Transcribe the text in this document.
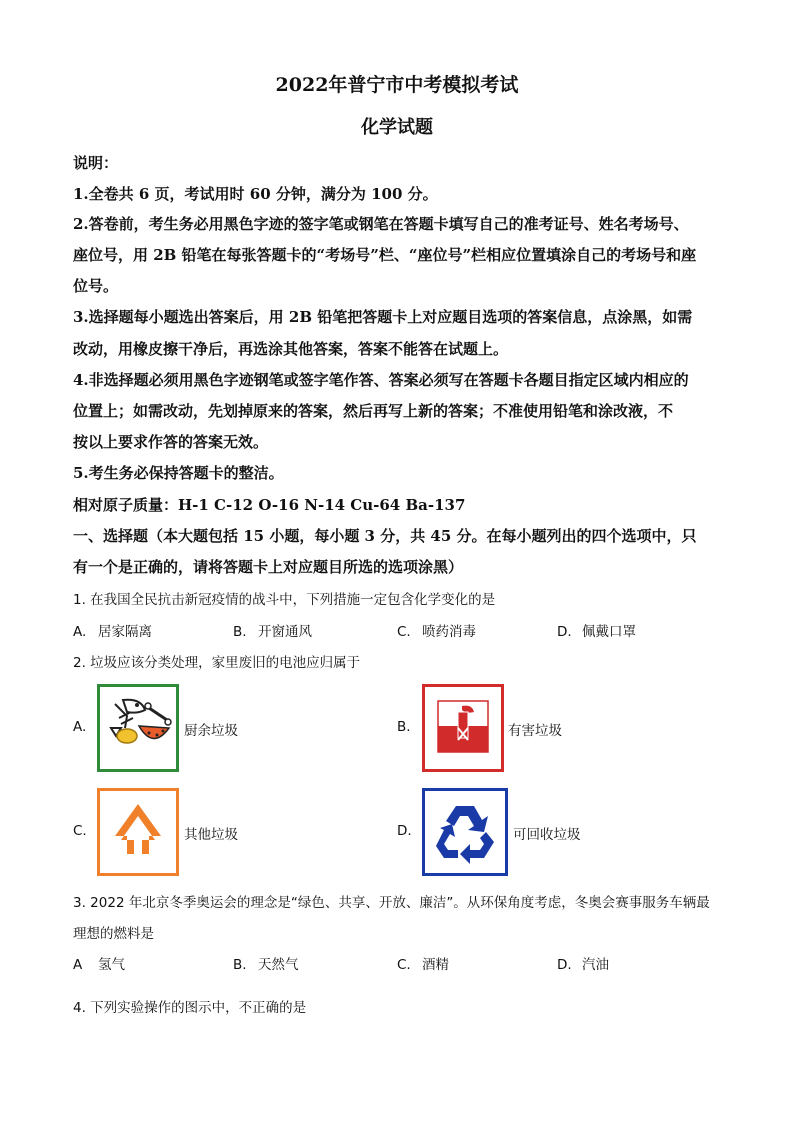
2022年普宁市中考模拟考试
化学试题
说明：
1.全卷共 6 页，考试用时 60 分钟，满分为 100 分。
2.答卷前，考生务必用黑色字迹的签字笔或钢笔在答题卡填写自己的准考证号、姓名考场号、
座位号，用 2B 铅笔在每张答题卡的“考场号”栏、“座位号”栏相应位置填涂自己的考场号和座
位号。
3.选择题每小题选出答案后，用 2B 铅笔把答题卡上对应题目选项的答案信息，点涂黑，如需
改动，用橡皮擦干净后，再选涂其他答案，答案不能答在试题上。
4.非选择题必须用黑色字迹钢笔或签字笔作答、答案必须写在答题卡各题目指定区域内相应的
位置上；如需改动，先划掉原来的答案，然后再写上新的答案；不准使用铅笔和涂改液，不
按以上要求作答的答案无效。
5.考生务必保持答题卡的整洁。
相对原子质量：H-1 C-12 O-16 N-14 Cu-64 Ba-137
一、选择题（本大题包括 15 小题，每小题 3 分，共 45 分。在每小题列出的四个选项中，只
有一个是正确的，请将答题卡上对应题目所选的选项涂黑）
1. 在我国全民抗击新冠疫情的战斗中，下列措施一定包含化学变化的是
A. 居家隔离	B. 开窗通风	C. 喷药消毒	D. 佩戴口罩
2. 垃圾应该分类处理，家里废旧的电池应归属于
A.	厨余垃圾	B.	有害垃圾
C.	其他垃圾	D.	可回收垃圾
3. 2022 年北京冬季奥运会的理念是“绿色、共享、开放、廉洁”。从环保角度考虑，冬奥会赛事服务车辆最
理想的燃料是
A 氢气	B. 天然气	C. 酒精	D. 汽油
4. 下列实验操作的图示中，不正确的是
